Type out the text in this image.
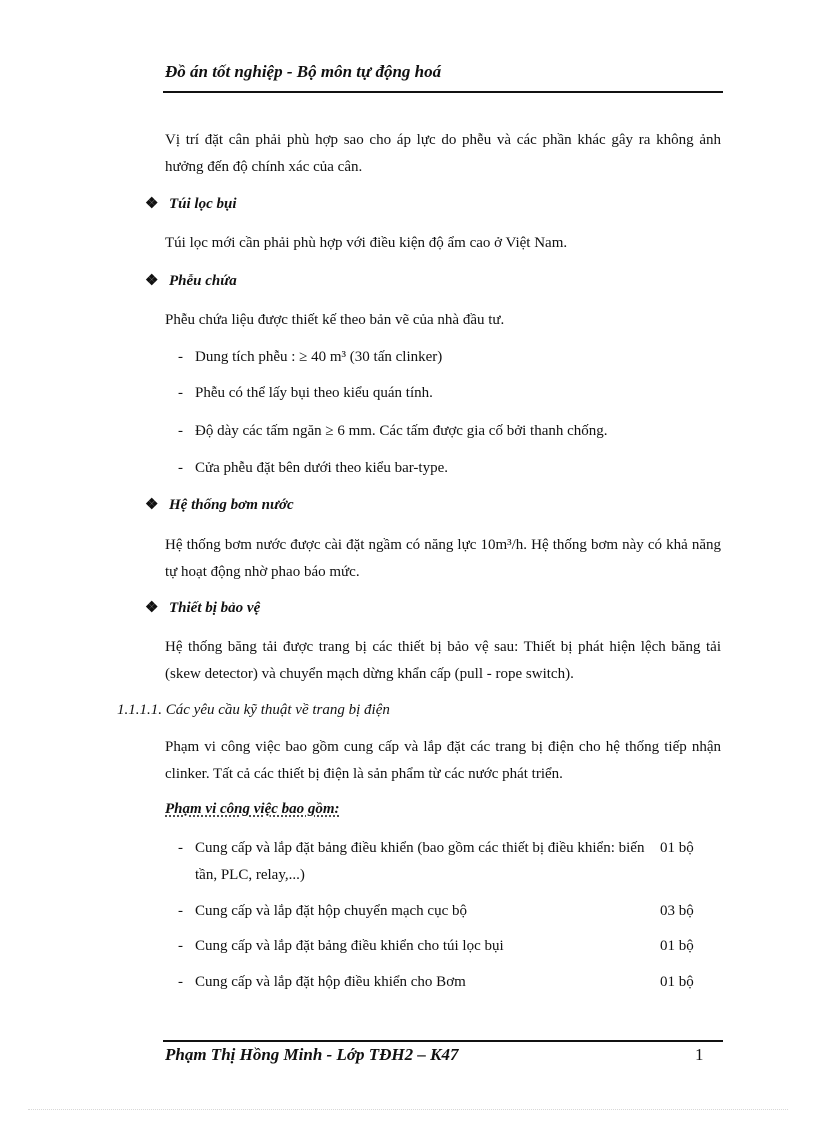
Đồ án tốt nghiệp - Bộ môn tự động hoá
Vị trí đặt cân phải phù hợp sao cho áp lực do phễu và các phần khác gây ra không ảnh hưởng đến độ chính xác của cân.
❖ Túi lọc bụi
Túi lọc mới cần phải phù hợp với điều kiện độ ẩm cao ở Việt Nam.
❖ Phễu chứa
Phễu chứa liệu được thiết kế theo bản vẽ của nhà đầu tư.
- Dung tích phễu : ≥ 40 m³ (30 tấn clinker)
- Phễu có thể lấy bụi theo kiểu quán tính.
- Độ dày các tấm ngăn ≥ 6 mm. Các tấm được gia cố bởi thanh chống.
- Cửa phễu đặt bên dưới theo kiểu bar-type.
❖ Hệ thống bơm nước
Hệ thống bơm nước được cài đặt ngầm có năng lực 10m³/h. Hệ thống bơm này có khả năng tự hoạt động nhờ phao báo mức.
❖ Thiết bị bảo vệ
Hệ thống băng tải được trang bị các thiết bị bảo vệ sau: Thiết bị phát hiện lệch băng tải (skew detector) và chuyển mạch dừng khẩn cấp (pull - rope switch).
1.1.1.1. Các yêu cầu kỹ thuật về trang bị điện
Phạm vi công việc bao gồm cung cấp và lắp đặt các trang bị điện cho hệ thống tiếp nhận clinker. Tất cả các thiết bị điện là sản phẩm từ các nước phát triển.
Phạm vi công việc bao gồm:
- Cung cấp và lắp đặt bảng điều khiển (bao gồm các thiết bị điều khiển: biến tần, PLC, relay,...)
01 bộ
- Cung cấp và lắp đặt hộp chuyển mạch cục bộ	03 bộ
- Cung cấp và lắp đặt bảng điều khiển cho túi lọc bụi	01 bộ
- Cung cấp và lắp đặt hộp điều khiển cho Bơm	01 bộ
Phạm Thị Hồng Minh - Lớp TĐH2 – K47	1
